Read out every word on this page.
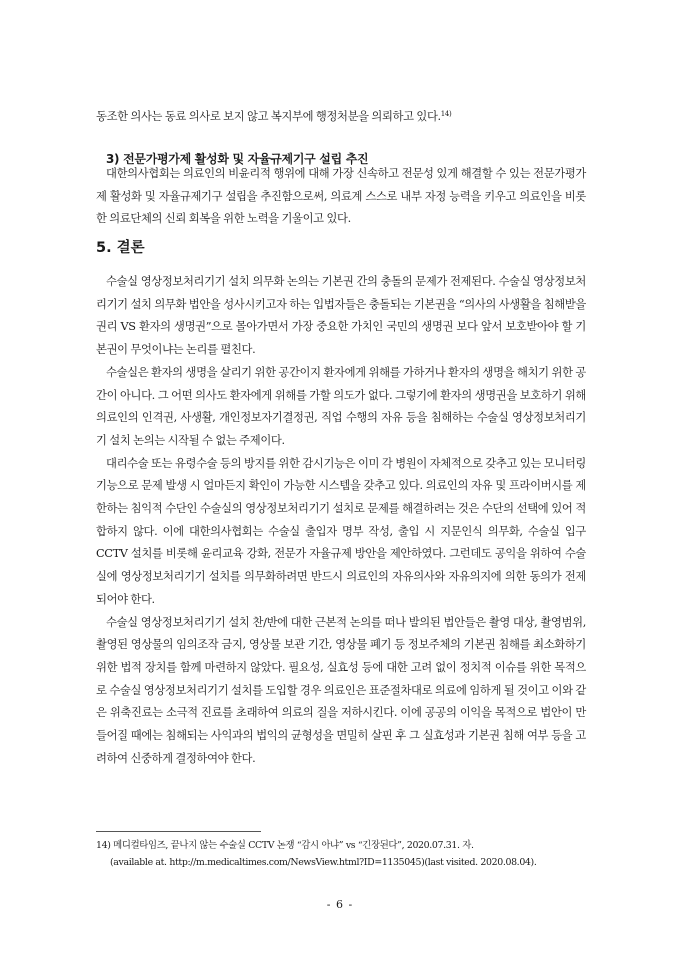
동조한 의사는 동료 의사로 보지 않고 복지부에 행정처분을 의뢰하고 있다.$^{14)}$

3) 전문가평가제 활성화 및 자율규제기구 설립 추진

대한의사협회는 의료인의 비윤리적 행위에 대해 가장 신속하고 전문성 있게 해결할 수 있는 전문가평가제 활성화 및 자율규제기구 설립을 추진함으로써, 의료계 스스로 내부 자정 능력을 키우고 의료인을 비롯한 의료단체의 신뢰 회복을 위한 노력을 기울이고 있다.

5. 결론

수술실 영상정보처리기기 설치 의무화 논의는 기본권 간의 충돌의 문제가 전제된다. 수술실 영상정보처리기기 설치 의무화 법안을 성사시키고자 하는 입법자들은 충돌되는 기본권을 “의사의 사생활을 침해받을 권리 VS 환자의 생명권”으로 몰아가면서 가장 중요한 가치인 국민의 생명권 보다 앞서 보호받아야 할 기본권이 무엇이냐는 논리를 펼친다.

수술실은 환자의 생명을 살리기 위한 공간이지 환자에게 위해를 가하거나 환자의 생명을 해치기 위한 공간이 아니다. 그 어떤 의사도 환자에게 위해를 가할 의도가 없다. 그렇기에 환자의 생명권을 보호하기 위해 의료인의 인격권, 사생활, 개인정보자기결정권, 직업 수행의 자유 등을 침해하는 수술실 영상정보처리기기 설치 논의는 시작될 수 없는 주제이다.

대리수술 또는 유령수술 등의 방지를 위한 감시기능은 이미 각 병원이 자체적으로 갖추고 있는 모니터링 기능으로 문제 발생 시 얼마든지 확인이 가능한 시스템을 갖추고 있다. 의료인의 자유 및 프라이버시를 제한하는 침익적 수단인 수술실의 영상정보처리기기 설치로 문제를 해결하려는 것은 수단의 선택에 있어 적합하지 않다. 이에 대한의사협회는 수술실 출입자 명부 작성, 출입 시 지문인식 의무화, 수술실 입구 CCTV 설치를 비롯해 윤리교육 강화, 전문가 자율규제 방안을 제안하였다. 그런데도 공익을 위하여 수술실에 영상정보처리기기 설치를 의무화하려면 반드시 의료인의 자유의사와 자유의지에 의한 동의가 전제되어야 한다.

수술실 영상정보처리기기 설치 찬/반에 대한 근본적 논의를 떠나 발의된 법안들은 촬영 대상, 촬영범위, 촬영된 영상물의 임의조작 금지, 영상물 보관 기간, 영상물 폐기 등 정보주체의 기본권 침해를 최소화하기 위한 법적 장치를 함께 마련하지 않았다. 필요성, 실효성 등에 대한 고려 없이 정치적 이슈를 위한 목적으로 수술실 영상정보처리기기 설치를 도입할 경우 의료인은 표준절차대로 의료에 임하게 될 것이고 이와 같은 위축진료는 소극적 진료를 초래하여 의료의 질을 저하시킨다. 이에 공공의 이익을 목적으로 법안이 만들어질 때에는 침해되는 사익과의 법익의 균형성을 면밀히 살핀 후 그 실효성과 기본권 침해 여부 등을 고려하여 신중하게 결정하여야 한다.

14) 메디컬타임즈, 끝나지 않는 수술실 CCTV 논쟁 “감시 아냐” vs “긴장된다”, 2020.07.31. 자.
(available at. http://m.medicaltimes.com/NewsView.html?ID=1135045)(last visited. 2020.08.04).
- 6 -
